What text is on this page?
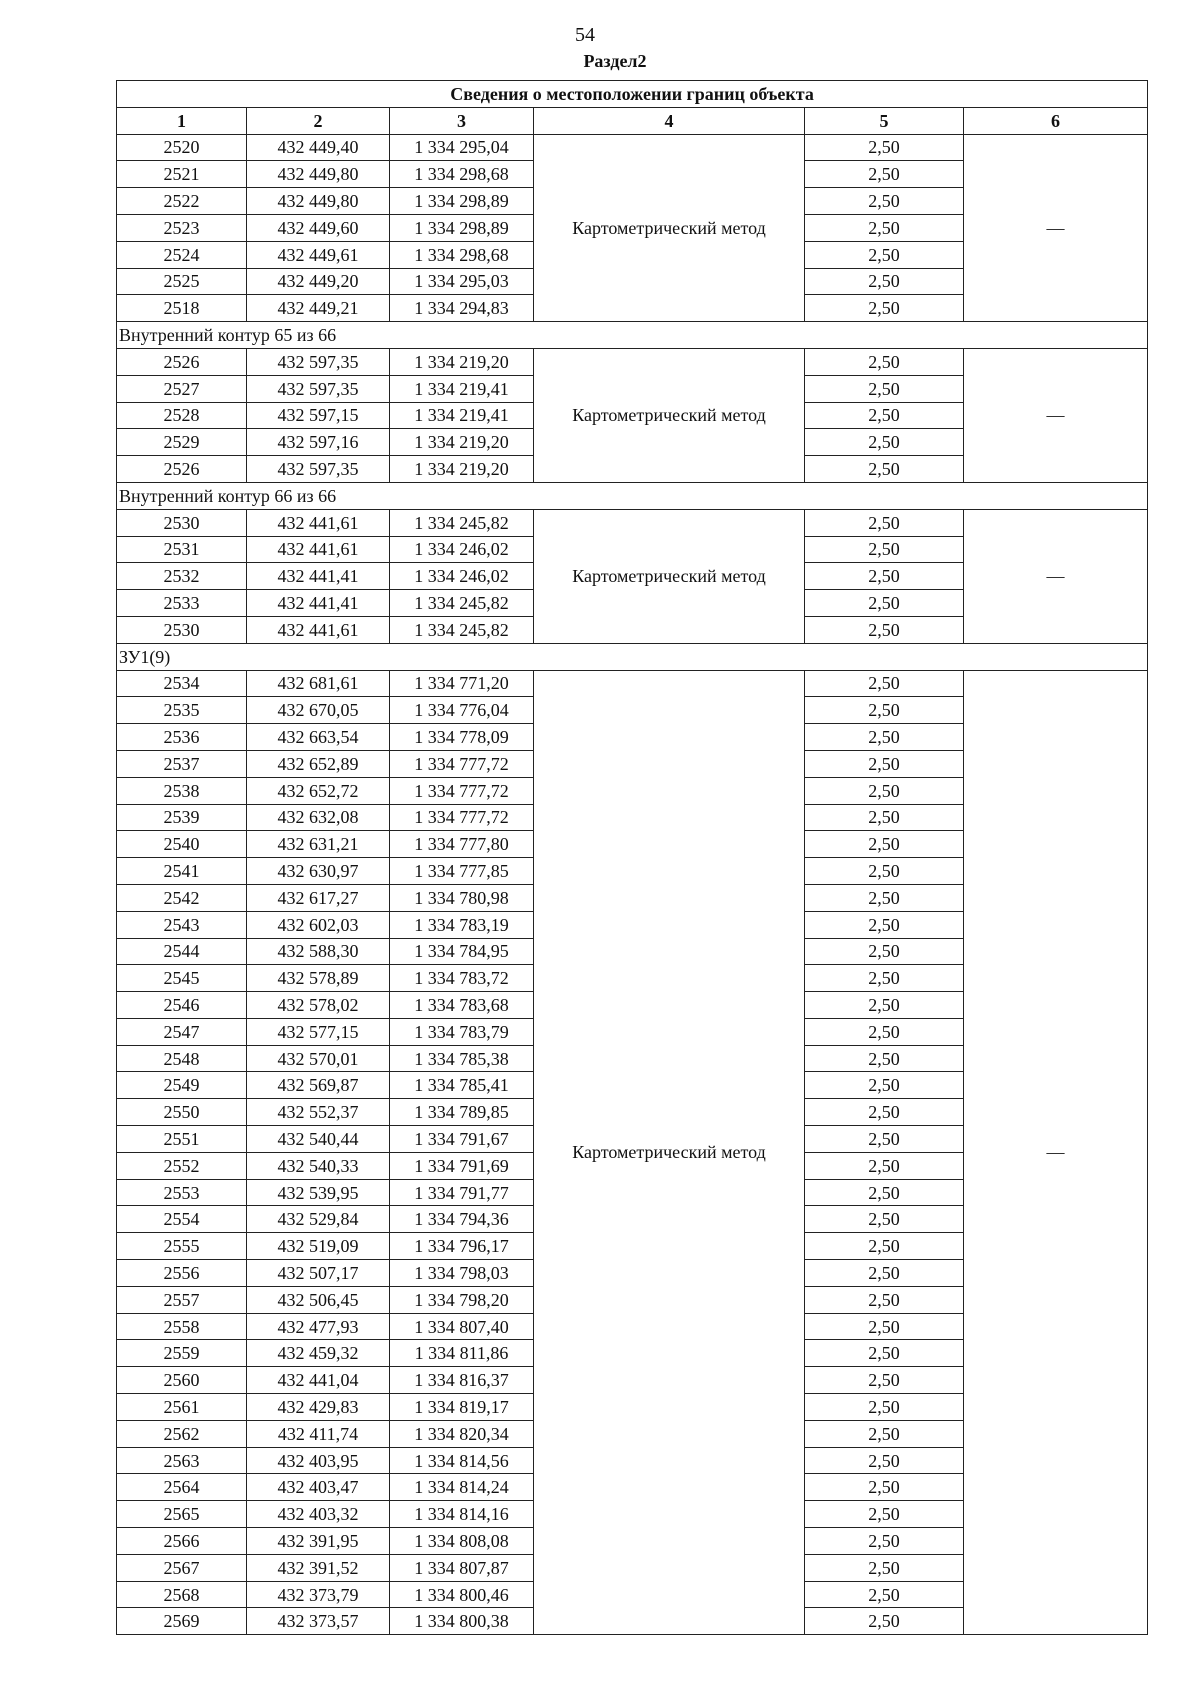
54
Раздел2
Сведения о местоположении границ объекта					
1	2	3	4	5	6
2520	432 449,40	1 334 295,04	Картометрический метод	2,50	—
2521	432 449,80	1 334 298,68		2,50	
2522	432 449,80	1 334 298,89		2,50	
2523	432 449,60	1 334 298,89		2,50	
2524	432 449,61	1 334 298,68		2,50	
2525	432 449,20	1 334 295,03		2,50	
2518	432 449,21	1 334 294,83		2,50	
Внутренний контур 65 из 66					
2526	432 597,35	1 334 219,20	Картометрический метод	2,50	—
2527	432 597,35	1 334 219,41		2,50	
2528	432 597,15	1 334 219,41		2,50	
2529	432 597,16	1 334 219,20		2,50	
2526	432 597,35	1 334 219,20		2,50	
Внутренний контур 66 из 66					
2530	432 441,61	1 334 245,82	Картометрический метод	2,50	—
2531	432 441,61	1 334 246,02		2,50	
2532	432 441,41	1 334 246,02		2,50	
2533	432 441,41	1 334 245,82		2,50	
2530	432 441,61	1 334 245,82		2,50	
ЗУ1(9)					
2534	432 681,61	1 334 771,20	Картометрический метод	2,50	—
2535	432 670,05	1 334 776,04		2,50	
2536	432 663,54	1 334 778,09		2,50	
2537	432 652,89	1 334 777,72		2,50	
2538	432 652,72	1 334 777,72		2,50	
2539	432 632,08	1 334 777,72		2,50	
2540	432 631,21	1 334 777,80		2,50	
2541	432 630,97	1 334 777,85		2,50	
2542	432 617,27	1 334 780,98		2,50	
2543	432 602,03	1 334 783,19		2,50	
2544	432 588,30	1 334 784,95		2,50	
2545	432 578,89	1 334 783,72		2,50	
2546	432 578,02	1 334 783,68		2,50	
2547	432 577,15	1 334 783,79		2,50	
2548	432 570,01	1 334 785,38		2,50	
2549	432 569,87	1 334 785,41		2,50	
2550	432 552,37	1 334 789,85		2,50	
2551	432 540,44	1 334 791,67		2,50	
2552	432 540,33	1 334 791,69		2,50	
2553	432 539,95	1 334 791,77		2,50	
2554	432 529,84	1 334 794,36		2,50	
2555	432 519,09	1 334 796,17		2,50	
2556	432 507,17	1 334 798,03		2,50	
2557	432 506,45	1 334 798,20		2,50	
2558	432 477,93	1 334 807,40		2,50	
2559	432 459,32	1 334 811,86		2,50	
2560	432 441,04	1 334 816,37		2,50	
2561	432 429,83	1 334 819,17		2,50	
2562	432 411,74	1 334 820,34		2,50	
2563	432 403,95	1 334 814,56		2,50	
2564	432 403,47	1 334 814,24		2,50	
2565	432 403,32	1 334 814,16		2,50	
2566	432 391,95	1 334 808,08		2,50	
2567	432 391,52	1 334 807,87		2,50	
2568	432 373,79	1 334 800,46		2,50	
2569	432 373,57	1 334 800,38		2,50	
